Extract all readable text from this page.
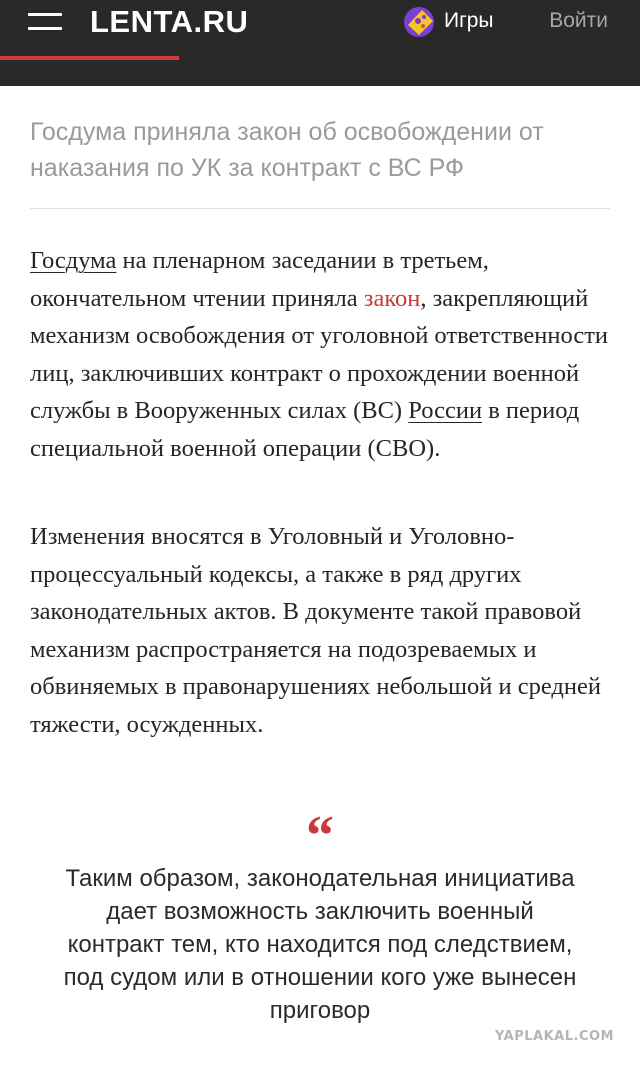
LENTA.RU	Игры	Войти
Госдума приняла закон об освобождении от наказания по УК за контракт с ВС РФ
Госдума на пленарном заседании в третьем, окончательном чтении приняла закон, закрепляющий механизм освобождения от уголовной ответственности лиц, заключивших контракт о прохождении военной службы в Вооруженных силах (ВС) России в период специальной военной операции (СВО).
Изменения вносятся в Уголовный и Уголовно-процессуальный кодексы, а также в ряд других законодательных актов. В документе такой правовой механизм распространяется на подозреваемых и обвиняемых в правонарушениях небольшой и средней тяжести, осужденных.
“
Таким образом, законодательная инициатива дает возможность заключить военный контракт тем, кто находится под следствием, под судом или в отношении кого уже вынесен приговор
YAPLAKAL.COM
